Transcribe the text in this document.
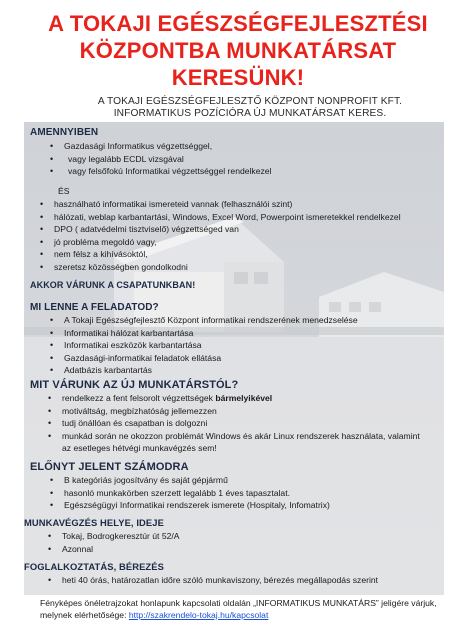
A TOKAJI EGÉSZSÉGFEJLESZTÉSI
KÖZPONTBA MUNKATÁRSAT
KERESÜNK!
A TOKAJI EGÉSZSÉGFEJLESZTŐ KÖZPONT NONPROFIT KFT.
INFORMATIKUS POZÍCIÓRA ÚJ MUNKATÁRSAT KERES.
AMENNYIBEN
• Gazdasági Informatikus végzettséggel,
• vagy legalább ECDL vizsgával
• vagy felsőfokú Informatikai végzettséggel rendelkezel
ÉS
• használható informatikai ismereteid vannak (felhasználói szint)
• hálózati, weblap karbantartási, Windows, Excel Word, Powerpoint ismeretekkel rendelkezel
• DPO ( adatvédelmi tisztviselő) végzettséged van
• jó probléma megoldó vagy,
• nem félsz a kihívásoktól,
• szeretsz közösségben gondolkodni
AKKOR VÁRUNK A CSAPATUNKBAN!
MI LENNE A FELADATOD?
• A Tokaji Egészségfejlesztő Központ informatikai rendszerének menedzselése
• Informatikai hálózat karbantartása
• Informatikai eszközök karbantartása
• Gazdasági-informatikai feladatok ellátása
• Adatbázis karbantartás
MIT VÁRUNK AZ ÚJ MUNKATÁRSTÓL?
• rendelkezz a fent felsorolt végzettségek bármelyikével
• motiváltság, megbízhatóság jellemezzen
• tudj önállóan és csapatban is dolgozni
• munkád során ne okozzon problémát Windows és akár Linux rendszerek használata, valamint az esetleges hétvégi munkavégzés sem!
ELŐNYT JELENT SZÁMODRA
• B kategóriás jogosítvány és saját gépjármű
• hasonló munkakörben szerzett legalább 1 éves tapasztalat.
• Egészségügyi Informatikai rendszerek ismerete (Hospitaly, Infomatrix)
MUNKAVÉGZÉS HELYE, IDEJE
• Tokaj, Bodrogkeresztúr út 52/A
• Azonnal
FOGLALKOZTATÁS, BÉREZÉS
• heti 40 órás, határozatlan időre szóló munkaviszony, bérezés megállapodás szerint
Fényképes önéletrajzokat honlapunk kapcsolati oldalán „INFORMATIKUS MUNKATÁRS” jeligére várjuk, melynek elérhetősége: http://szakrendelo-tokaj.hu/kapcsolat
